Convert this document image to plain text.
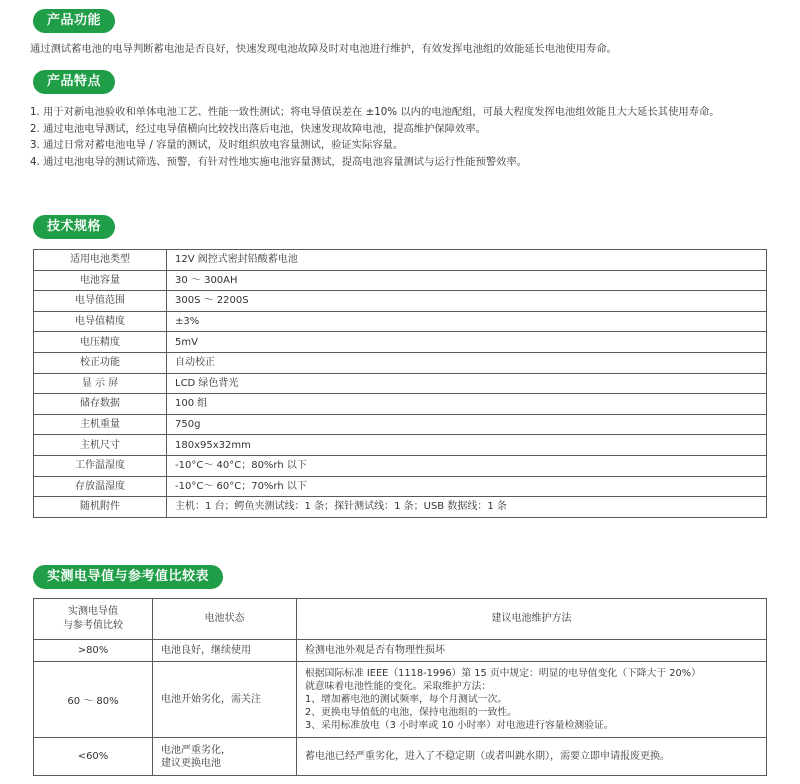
产品功能

通过测试蓄电池的电导判断蓄电池是否良好，快速发现电池故障及时对电池进行维护，有效发挥电池组的效能延长电池使用寿命。

产品特点
1. 用于对新电池验收和单体电池工艺、性能一致性测试；将电导值误差在 ±10% 以内的电池配组，可最大程度发挥电池组效能且大大延长其使用寿命。
2. 通过电池电导测试，经过电导值横向比较找出落后电池，快速发现故障电池，提高维护保障效率。
3. 通过日常对蓄电池电导 / 容量的测试，及时组织放电容量测试，验证实际容量。
4. 通过电池电导的测试筛选、预警，有针对性地实施电池容量测试，提高电池容量测试与运行性能预警效率。
技术规格
适用电池类型	12V 阀控式密封铅酸蓄电池
电池容量	30 ～ 300AH
电导值范围	300S ～ 2200S
电导值精度	±3%
电压精度	5mV
校正功能	自动校正
显 示 屏	LCD 绿色背光
储存数据	100 组
主机重量	750g
主机尺寸	180x95x32mm
工作温湿度	-10°C～ 40°C；80%rh 以下
存放温湿度	-10°C～ 60°C；70%rh 以下
随机附件	主机：1 台；鳄鱼夹测试线：1 条；探针测试线：1 条；USB 数据线：1 条
实测电导值与参考值比较表
实测电导值
与参考值比较	电池状态	建议电池维护方法
>80%	电池良好，继续使用	检测电池外观是否有物理性损坏
60 ～ 80%	电池开始劣化，需关注	根据国际标准 IEEE（1118-1996）第 15 页中规定：明显的电导值变化（下降大于 20%）
就意味着电池性能的变化。采取维护方法：
1、增加蓄电池的测试频率，每个月测试一次。
2、更换电导值低的电池，保持电池组的一致性。
3、采用标准放电（3 小时率或 10 小时率）对电池进行容量检测验证。
<60%	电池严重劣化，
建议更换电池	蓄电池已经严重劣化，进入了不稳定期（或者叫跳水期），需要立即申请报废更换。
